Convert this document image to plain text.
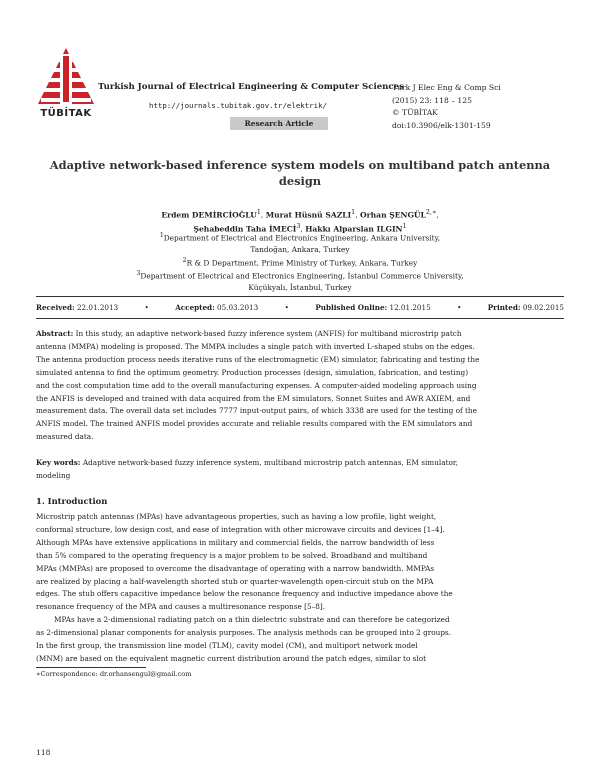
TÜBİTAK
Turkish Journal of Electrical Engineering & Computer Sciences
http://journals.tubitak.gov.tr/elektrik/
Research Article
Turk J Elec Eng & Comp Sci
(2015) 23: 118 – 125
© TÜBİTAK
doi:10.3906/elk-1301-159
Adaptive network-based inference system models on multiband patch antenna
design
Erdem DEMİRCİOĞLU$^1$, Murat Hüsnü SAZLI$^1$, Orhan $ŞENGÜL^{2,∗}$,
Şehabeddin Taha İMECİ$^3$, Hakkı Alparslan ILGIN$^1$
$^1$Department of Electrical and Electronics Engineering, Ankara University,
Tandoğan, Ankara, Turkey
$^2$R & D Department, Prime Ministry of Turkey, Ankara, Turkey
$^3$Department of Electrical and Electronics Engineering, İstanbul Commerce University,
Küçükyalı, İstanbul, Turkey
Received: 22.01.2013	•	Accepted: 05.03.2013	•	Published Online: 12.01.2015	•	Printed: 09.02.2015
Abstract: In this study, an adaptive network-based fuzzy inference system (ANFIS) for multiband microstrip patch
antenna (MMPA) modeling is proposed. The MMPA includes a single patch with inverted L-shaped stubs on the edges.
The antenna production process needs iterative runs of the electromagnetic (EM) simulator, fabricating and testing the
simulated antenna to find the optimum geometry. Production processes (design, simulation, fabrication, and testing)
and the cost computation time add to the overall manufacturing expenses. A computer-aided modeling approach using
the ANFIS is developed and trained with data acquired from the EM simulators, Sonnet Suites and AWR AXIEM, and
measurement data. The overall data set includes 7777 input-output pairs, of which 3338 are used for the testing of the
ANFIS model. The trained ANFIS model provides accurate and reliable results compared with the EM simulators and
measured data.
Key words: Adaptive network-based fuzzy inference system, multiband microstrip patch antennas, EM simulator,
modeling
1. Introduction
Microstrip patch antennas (MPAs) have advantageous properties, such as having a low profile, light weight,
conformal structure, low design cost, and ease of integration with other microwave circuits and devices [1–4].
Although MPAs have extensive applications in military and commercial fields, the narrow bandwidth of less
than 5% compared to the operating frequency is a major problem to be solved. Broadband and multiband
MPAs (MMPAs) are proposed to overcome the disadvantage of operating with a narrow bandwidth. MMPAs
are realized by placing a half-wavelength shorted stub or quarter-wavelength open-circuit stub on the MPA
edges. The stub offers capacitive impedance below the resonance frequency and inductive impedance above the
resonance frequency of the MPA and causes a multiresonance response [5–8].
MPAs have a 2-dimensional radiating patch on a thin dielectric substrate and can therefore be categorized
as 2-dimensional planar components for analysis purposes. The analysis methods can be grouped into 2 groups.
In the first group, the transmission line model (TLM), cavity model (CM), and multiport network model
(MNM) are based on the equivalent magnetic current distribution around the patch edges, similar to slot
∗Correspondence: dr.orhansengul@gmail.com
118
